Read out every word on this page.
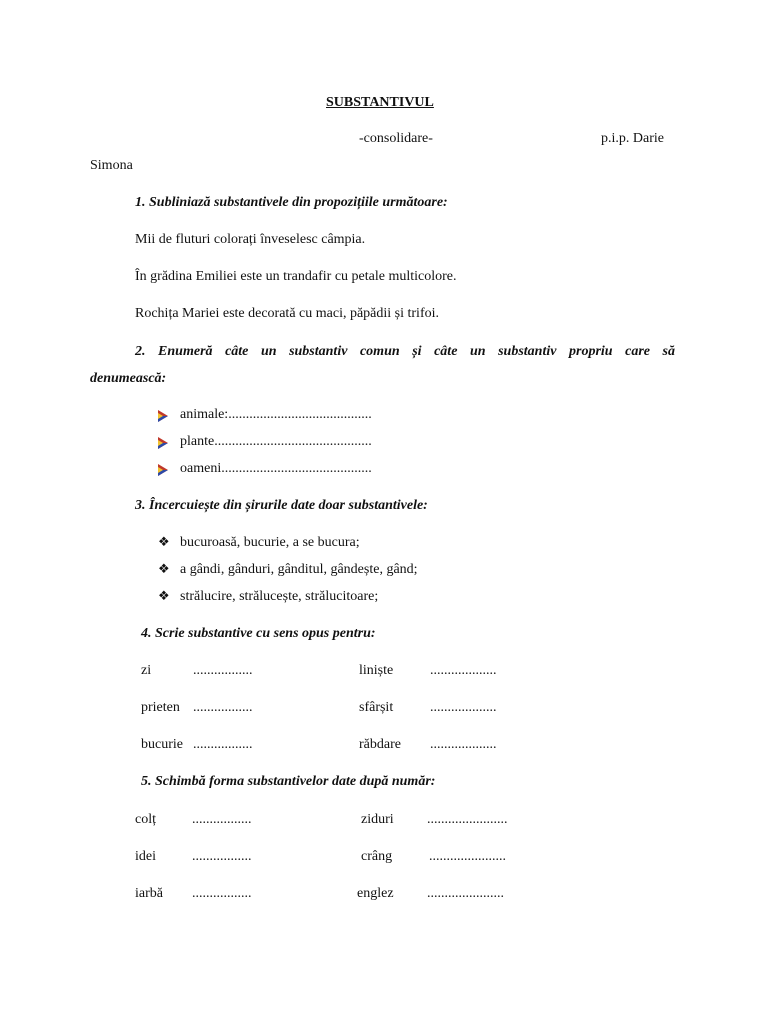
SUBSTANTIVUL
-consolidare-	p.i.p. Darie
Simona
1. Subliniază substantivele din propozițiile următoare:
Mii de fluturi colorați înveselesc câmpia.
În grădina Emiliei este un trandafir cu petale multicolore.
Rochița Mariei este decorată cu maci, păpădii și trifoi.
2. Enumeră câte un substantiv comun și câte un substantiv propriu care să
denumească:
animale:.........................................
plante.............................................
oameni...........................................
3. Încercuiește din șirurile date doar substantivele:
❖ bucuroasă, bucurie, a se bucura;
❖ a gândi, gânduri, gânditul, gândește, gând;
❖ strălucire, strălucește, strălucitoare;
4. Scrie substantive cu sens opus pentru:
zi	.................	liniște	...................
prieten .................	sfârșit	...................
bucurie .................	răbdare ...................
5. Schimbă forma substantivelor date după număr:
colț	.................	ziduri .......................
idei	.................	crâng	......................
iarbă .................	englez ......................
